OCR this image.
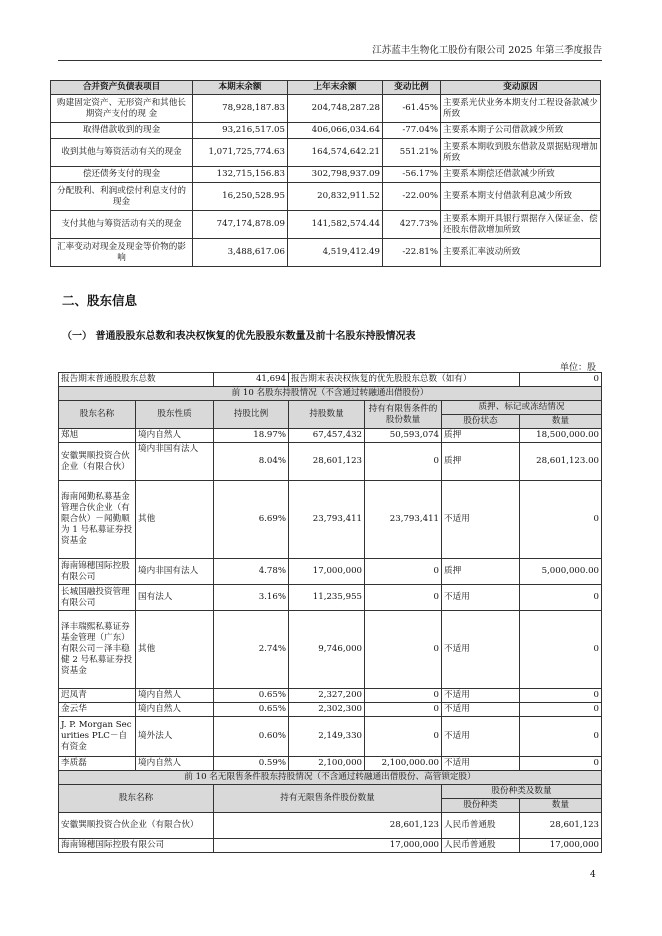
江苏蓝丰生物化工股份有限公司 2025 年第三季度报告
合并资产负债表项目	本期末余额	上年末余额	变动比例	变动原因
购建固定资产、无形资产和其他长期资产支付的现 金	78,928,187.83	204,748,287.28	-61.45%	主要系光伏业务本期支付工程设备款减少所致
取得借款收到的现金	93,216,517.05	406,066,034.64	-77.04%	主要系本期子公司借款减少所致
收到其他与筹资活动有关的现金	1,071,725,774.63	164,574,642.21	551.21%	主要系本期收到股东借款及票据贴现增加所致
偿还债务支付的现金	132,715,156.83	302,798,937.09	-56.17%	主要系本期偿还借款减少所致
分配股利、利润或偿付利息支付的现金	16,250,528.95	20,832,911.52	-22.00%	主要系本期支付借款利息减少所致
支付其他与筹资活动有关的现金	747,174,878.09	141,582,574.44	427.73%	主要系本期开具银行票据存入保证金、偿还股东借款增加所致
汇率变动对现金及现金等价物的影响	3,488,617.06	4,519,412.49	-22.81%	主要系汇率波动所致
二、股东信息
（一） 普通股股东总数和表决权恢复的优先股股东数量及前十名股东持股情况表
单位：股
报告期末普通股股东总数		41,694	报告期末表决权恢复的优先股股东总数（如有）			0
前 10 名股东持股情况（不含通过转融通出借股份）						
股东名称	股东性质	持股比例	持股数量	持有有限售条件的股份数量	质押、标记或冻结情况	
					股份状态	数量
郑旭	境内自然人	18.97%	67,457,432	50,593,074	质押	18,500,000.00
安徽巽顺投资合伙企业（有限合伙）	境内非国有法人	8.04%	28,601,123	0	质押	28,601,123.00
海南闻勤私募基金管理合伙企业（有限合伙）－闻勤顺为 1 号私募证券投资基金	其他	6.69%	23,793,411	23,793,411	不适用	0
海南锦穗国际控股有限公司	境内非国有法人	4.78%	17,000,000	0	质押	5,000,000.00
长城国融投资管理有限公司	国有法人	3.16%	11,235,955	0	不适用	0
泽丰瑞熙私募证券基金管理（广东）有限公司－泽丰稳健 2 号私募证券投资基金	其他	2.74%	9,746,000	0	不适用	0
迟凤青	境内自然人	0.65%	2,327,200	0	不适用	0
金云华	境内自然人	0.65%	2,302,300	0	不适用	0
J. P. Morgan Securities PLC－自有资金	境外法人	0.60%	2,149,330	0	不适用	0
李质磊	境内自然人	0.59%	2,100,000	2,100,000.00	不适用	0
前 10 名无限售条件股东持股情况（不含通过转融通出借股份、高管锁定股）						
股东名称		持有无限售条件股份数量			股份种类及数量	
					股份种类	数量
安徽巽顺投资合伙企业（有限合伙）		28,601,123			人民币普通股	28,601,123
海南锦穗国际控股有限公司		17,000,000			人民币普通股	17,000,000
4
